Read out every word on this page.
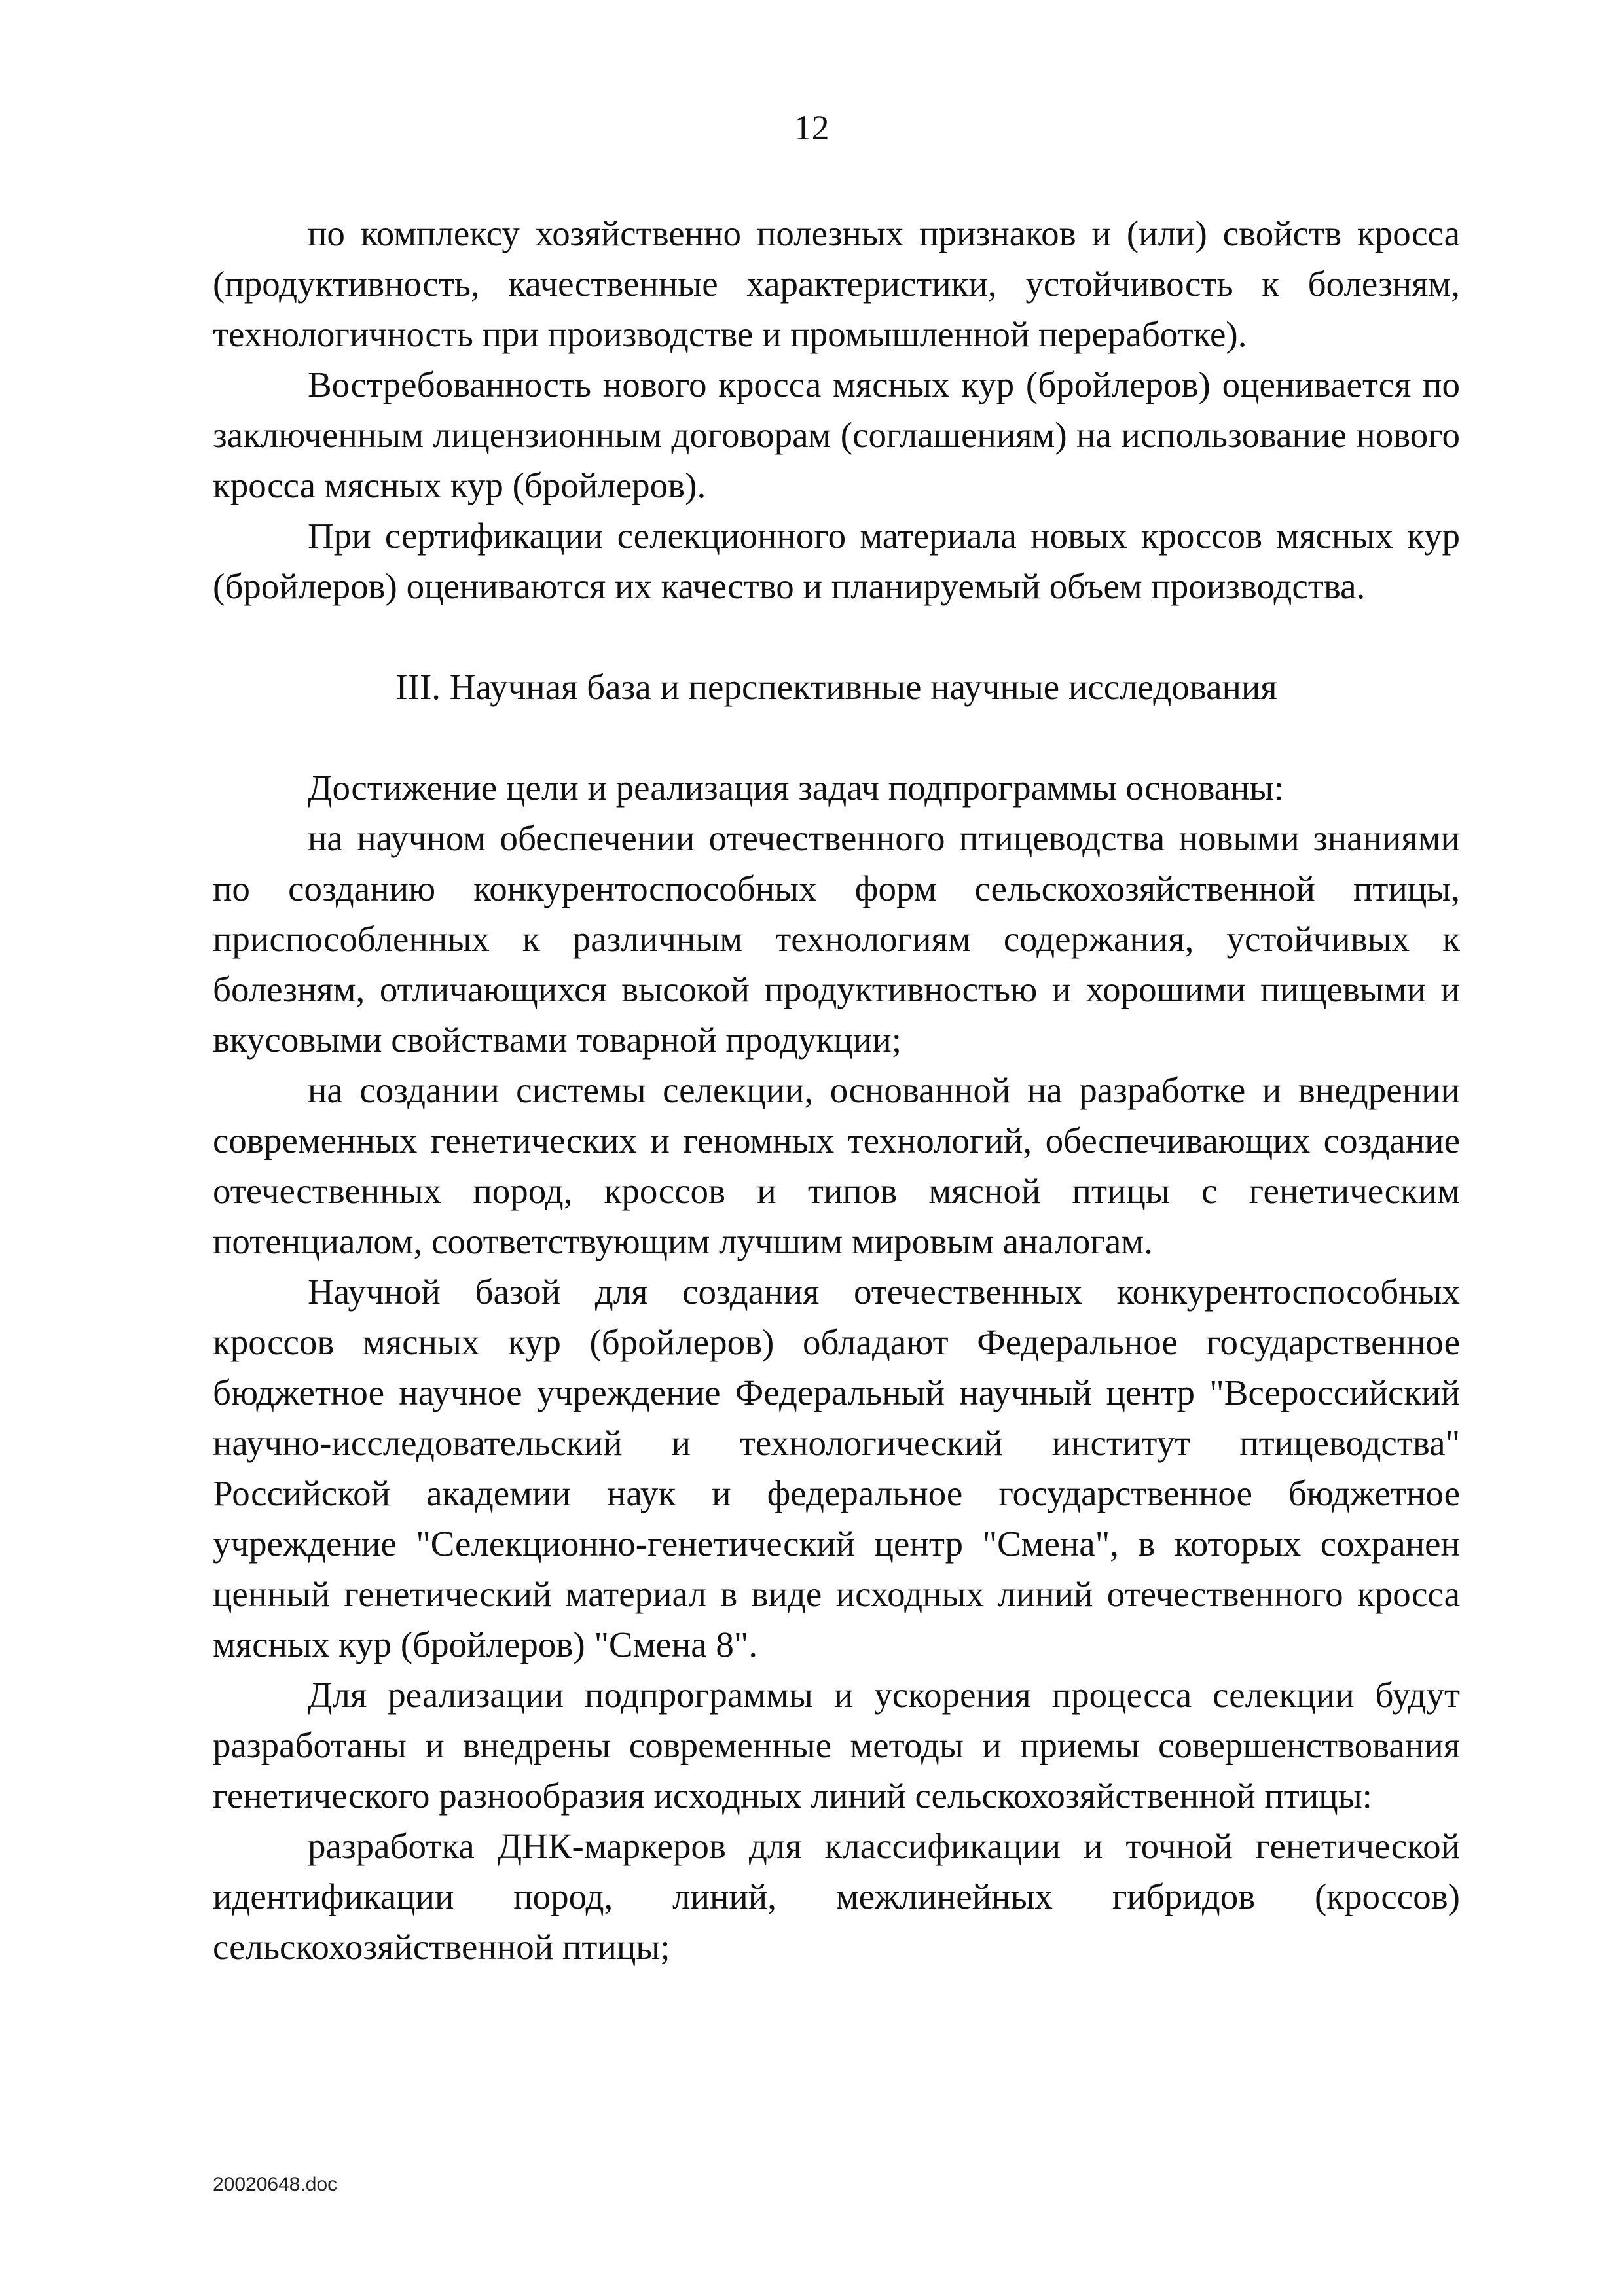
12

по комплексу хозяйственно полезных признаков и (или) свойств кросса (продуктивность, качественные характеристики, устойчивость к болезням, технологичность при производстве и промышленной переработке).

Востребованность нового кросса мясных кур (бройлеров) оценивается по заключенным лицензионным договорам (соглашениям) на использование нового кросса мясных кур (бройлеров).

При сертификации селекционного материала новых кроссов мясных кур (бройлеров) оцениваются их качество и планируемый объем производства.

III. Научная база и перспективные научные исследования

Достижение цели и реализация задач подпрограммы основаны:

на научном обеспечении отечественного птицеводства новыми знаниями по созданию конкурентоспособных форм сельскохозяйственной птицы, приспособленных к различным технологиям содержания, устойчивых к болезням, отличающихся высокой продуктивностью и хорошими пищевыми и вкусовыми свойствами товарной продукции;

на создании системы селекции, основанной на разработке и внедрении современных генетических и геномных технологий, обеспечивающих создание отечественных пород, кроссов и типов мясной птицы с генетическим потенциалом, соответствующим лучшим мировым аналогам.

Научной базой для создания отечественных конкурентоспособных кроссов мясных кур (бройлеров) обладают Федеральное государственное бюджетное научное учреждение Федеральный научный центр "Всероссийский научно-исследовательский и технологический институт птицеводства" Российской академии наук и федеральное государственное бюджетное учреждение "Селекционно-генетический центр "Смена", в которых сохранен ценный генетический материал в виде исходных линий отечественного кросса мясных кур (бройлеров) "Смена 8".

Для реализации подпрограммы и ускорения процесса селекции будут разработаны и внедрены современные методы и приемы совершенствования генетического разнообразия исходных линий сельскохозяйственной птицы:

разработка ДНК-маркеров для классификации и точной генетической идентификации пород, линий, межлинейных гибридов (кроссов) сельскохозяйственной птицы;

20020648.doc
